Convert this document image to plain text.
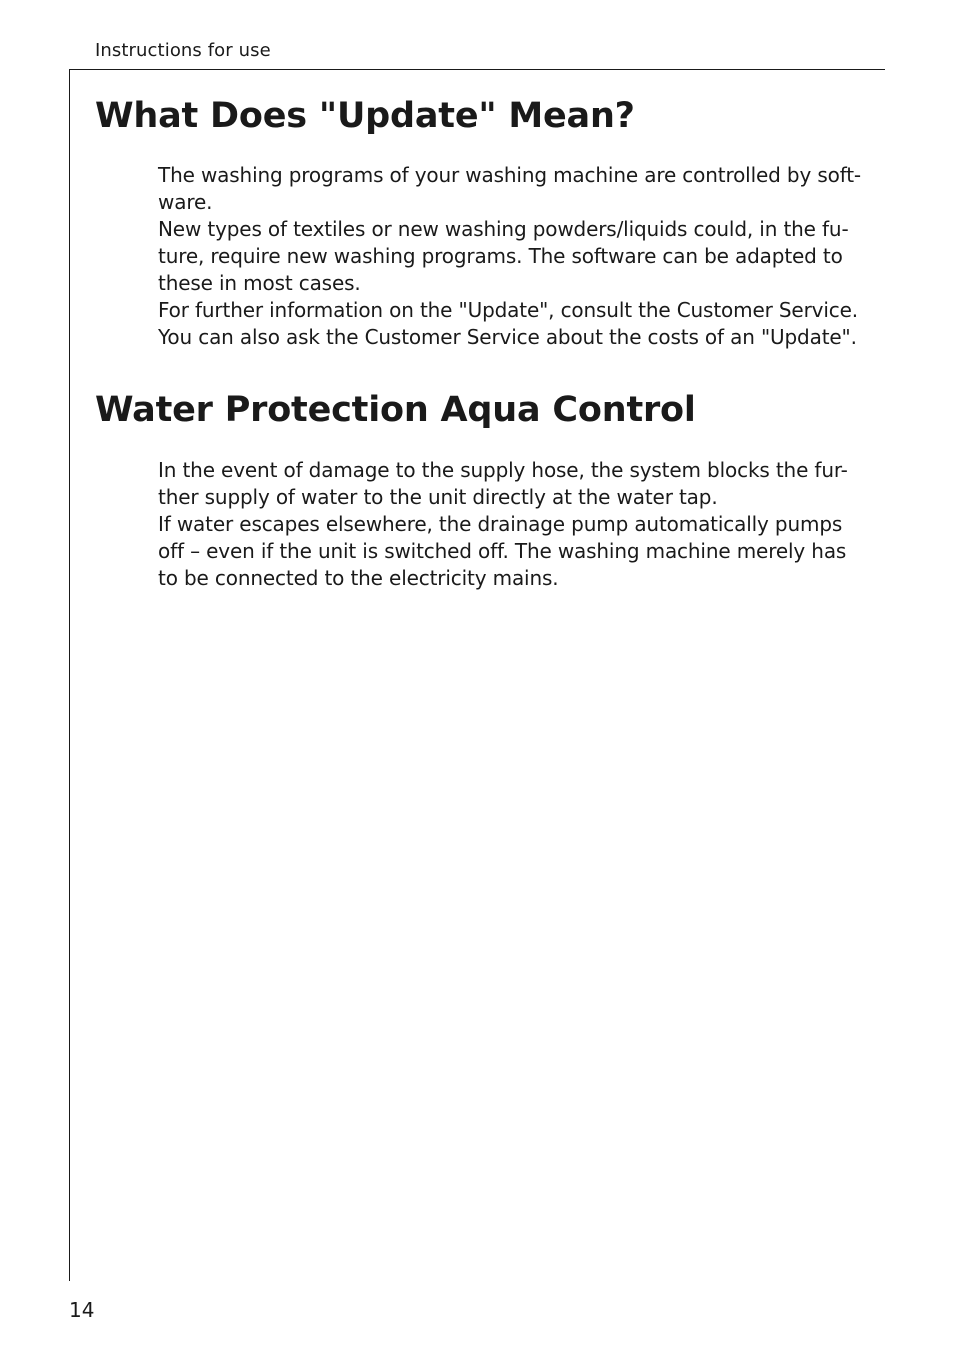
Instructions for use
What Does "Update" Mean?
The washing programs of your washing machine are controlled by soft-
ware.
New types of textiles or new washing powders/liquids could, in the fu-
ture, require new washing programs. The software can be adapted to
these in most cases.
For further information on the "Update", consult the Customer Service.
You can also ask the Customer Service about the costs of an "Update".
Water Protection Aqua Control
In the event of damage to the supply hose, the system blocks the fur-
ther supply of water to the unit directly at the water tap.
If water escapes elsewhere, the drainage pump automatically pumps
off – even if the unit is switched off. The washing machine merely has
to be connected to the electricity mains.
14
